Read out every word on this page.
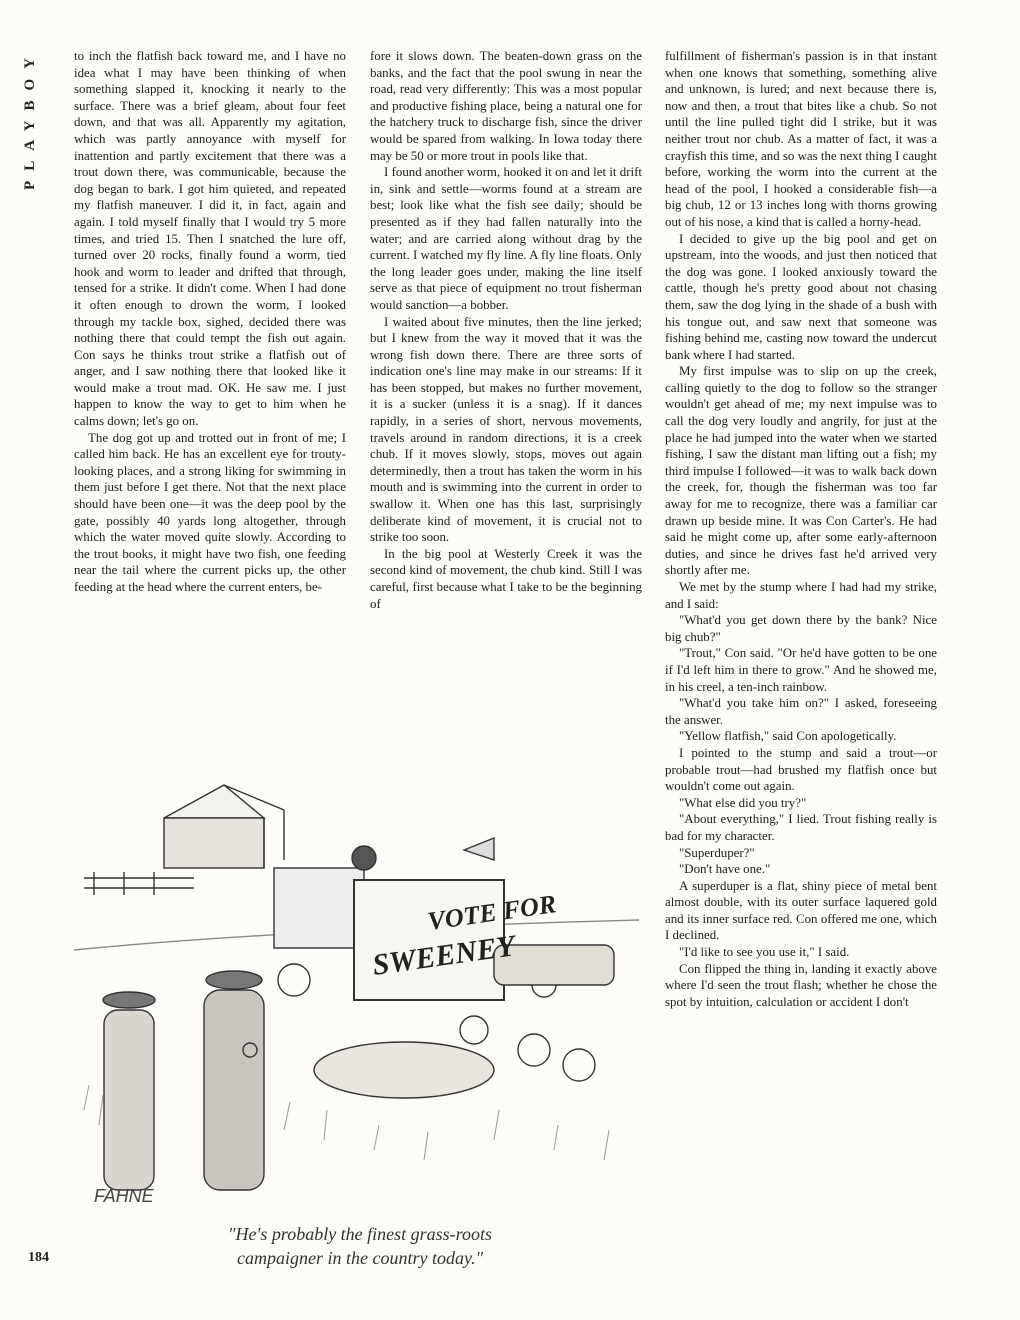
PLAYBOY	to inch the flatfish back toward me, and I have no idea what I may have been thinking of when something slapped it, knocking it nearly to the surface. There was a brief gleam, about four feet down, and that was all. Apparently my agitation, which was partly annoyance with myself for inattention and partly excitement that there was a trout down there, was communicable, because the dog began to bark. I got him quieted, and repeated my flatfish maneuver. I did it, in fact, again and again. I told myself finally that I would try 5 more times, and tried 15. Then I snatched the lure off, turned over 20 rocks, finally found a worm, tied hook and worm to leader and drifted that through, tensed for a strike. It didn't come. When I had done it often enough to drown the worm, I looked through my tackle box, sighed, decided there was nothing there that could tempt the fish out again. Con says he thinks trout strike a flatfish out of anger, and I saw nothing there that looked like it would make a trout mad. OK. He saw me. I just happen to know the way to get to him when he calms down; let's go on.

The dog got up and trotted out in front of me; I called him back. He has an excellent eye for trouty-looking places, and a strong liking for swimming in them just before I get there. Not that the next place should have been one—it was the deep pool by the gate, possibly 40 yards long altogether, through which the water moved quite slowly. According to the trout books, it might have two fish, one feeding near the tail where the current picks up, the other feeding at the head where the current enters, be-

fore it slows down. The beaten-down grass on the banks, and the fact that the pool swung in near the road, read very differently: This was a most popular and productive fishing place, being a natural one for the hatchery truck to discharge fish, since the driver would be spared from walking. In Iowa today there may be 50 or more trout in pools like that.

I found another worm, hooked it on and let it drift in, sink and settle—worms found at a stream are best; look like what the fish see daily; should be presented as if they had fallen naturally into the water; and are carried along without drag by the current. I watched my fly line. A fly line floats. Only the long leader goes under, making the line itself serve as that piece of equipment no trout fisherman would sanction—a bobber.

I waited about five minutes, then the line jerked; but I knew from the way it moved that it was the wrong fish down there. There are three sorts of indication one's line may make in our streams: If it has been stopped, but makes no further movement, it is a sucker (unless it is a snag). If it dances rapidly, in a series of short, nervous movements, travels around in random directions, it is a creek chub. If it moves slowly, stops, moves out again determinedly, then a trout has taken the worm in his mouth and is swimming into the current in order to swallow it. When one has this last, surprisingly deliberate kind of movement, it is crucial not to strike too soon.

In the big pool at Westerly Creek it was the second kind of movement, the chub kind. Still I was careful, first because what I take to be the beginning of

fulfillment of fisherman's passion is in that instant when one knows that something, something alive and unknown, is lured; and next because there is, now and then, a trout that bites like a chub. So not until the line pulled tight did I strike, but it was neither trout nor chub. As a matter of fact, it was a crayfish this time, and so was the next thing I caught before, working the worm into the current at the head of the pool, I hooked a considerable fish—a big chub, 12 or 13 inches long with thorns growing out of his nose, a kind that is called a horny-head.

I decided to give up the big pool and get on upstream, into the woods, and just then noticed that the dog was gone. I looked anxiously toward the cattle, though he's pretty good about not chasing them, saw the dog lying in the shade of a bush with his tongue out, and saw next that someone was fishing behind me, casting now toward the undercut bank where I had started.

My first impulse was to slip on up the creek, calling quietly to the dog to follow so the stranger wouldn't get ahead of me; my next impulse was to call the dog very loudly and angrily, for just at the place he had jumped into the water when we started fishing, I saw the distant man lifting out a fish; my third impulse I followed—it was to walk back down the creek, for, though the fisherman was too far away for me to recognize, there was a familiar car drawn up beside mine. It was Con Carter's. He had said he might come up, after some early-afternoon duties, and since he drives fast he'd arrived very shortly after me.

We met by the stump where I had had my strike, and I said:

"What'd you get down there by the bank? Nice big chub?"

"Trout," Con said. "Or he'd have gotten to be one if I'd left him in there to grow." And he showed me, in his creel, a ten-inch rainbow.

"What'd you take him on?" I asked, foreseeing the answer.

"Yellow flatfish," said Con apologetically.

I pointed to the stump and said a trout—or probable trout—had brushed my flatfish once but wouldn't come out again.

"What else did you try?"

"About everything," I lied. Trout fishing really is bad for my character.

"Superduper?"

"Don't have one."

A superduper is a flat, shiny piece of metal bent almost double, with its outer surface laquered gold and its inner surface red. Con offered me one, which I declined.

"I'd like to see you use it," I said.

Con flipped the thing in, landing it exactly above where I'd seen the trout flash; whether he chose the spot by intuition, calculation or accident I don't

VOTE FOR
SWEENEY
FAHNE
"He's probably the finest grass-roots
campaigner in the country today."
184
